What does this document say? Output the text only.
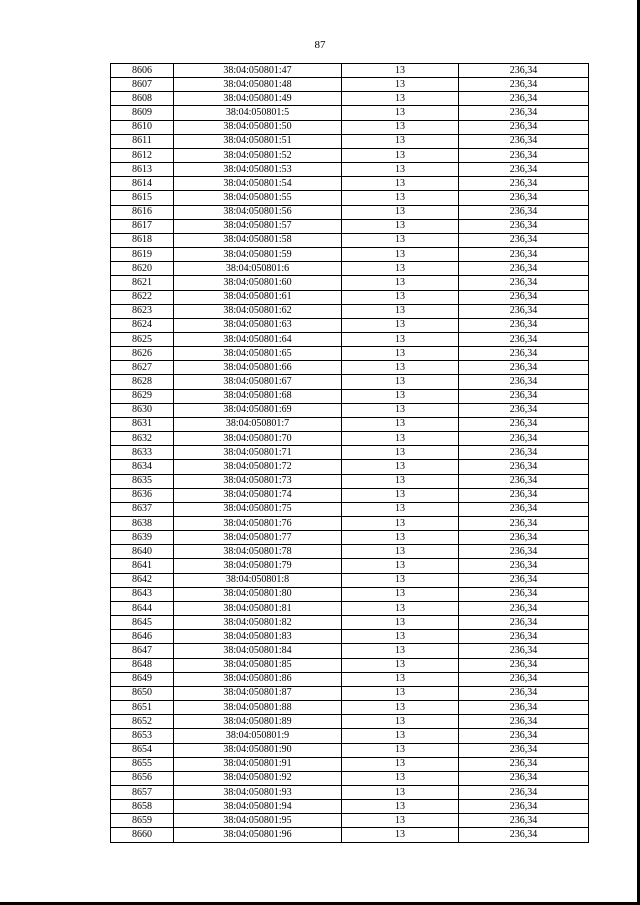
87
8606	38:04:050801:47	13	236,34
8607	38:04:050801:48	13	236,34
8608	38:04:050801:49	13	236,34
8609	38:04:050801:5	13	236,34
8610	38:04:050801:50	13	236,34
8611	38:04:050801:51	13	236,34
8612	38:04:050801:52	13	236,34
8613	38:04:050801:53	13	236,34
8614	38:04:050801:54	13	236,34
8615	38:04:050801:55	13	236,34
8616	38:04:050801:56	13	236,34
8617	38:04:050801:57	13	236,34
8618	38:04:050801:58	13	236,34
8619	38:04:050801:59	13	236,34
8620	38:04:050801:6	13	236,34
8621	38:04:050801:60	13	236,34
8622	38:04:050801:61	13	236,34
8623	38:04:050801:62	13	236,34
8624	38:04:050801:63	13	236,34
8625	38:04:050801:64	13	236,34
8626	38:04:050801:65	13	236,34
8627	38:04:050801:66	13	236,34
8628	38:04:050801:67	13	236,34
8629	38:04:050801:68	13	236,34
8630	38:04:050801:69	13	236,34
8631	38:04:050801:7	13	236,34
8632	38:04:050801:70	13	236,34
8633	38:04:050801:71	13	236,34
8634	38:04:050801:72	13	236,34
8635	38:04:050801:73	13	236,34
8636	38:04:050801:74	13	236,34
8637	38:04:050801:75	13	236,34
8638	38:04:050801:76	13	236,34
8639	38:04:050801:77	13	236,34
8640	38:04:050801:78	13	236,34
8641	38:04:050801:79	13	236,34
8642	38:04:050801:8	13	236,34
8643	38:04:050801:80	13	236,34
8644	38:04:050801:81	13	236,34
8645	38:04:050801:82	13	236,34
8646	38:04:050801:83	13	236,34
8647	38:04:050801:84	13	236,34
8648	38:04:050801:85	13	236,34
8649	38:04:050801:86	13	236,34
8650	38:04:050801:87	13	236,34
8651	38:04:050801:88	13	236,34
8652	38:04:050801:89	13	236,34
8653	38:04:050801:9	13	236,34
8654	38:04:050801:90	13	236,34
8655	38:04:050801:91	13	236,34
8656	38:04:050801:92	13	236,34
8657	38:04:050801:93	13	236,34
8658	38:04:050801:94	13	236,34
8659	38:04:050801:95	13	236,34
8660	38:04:050801:96	13	236,34
